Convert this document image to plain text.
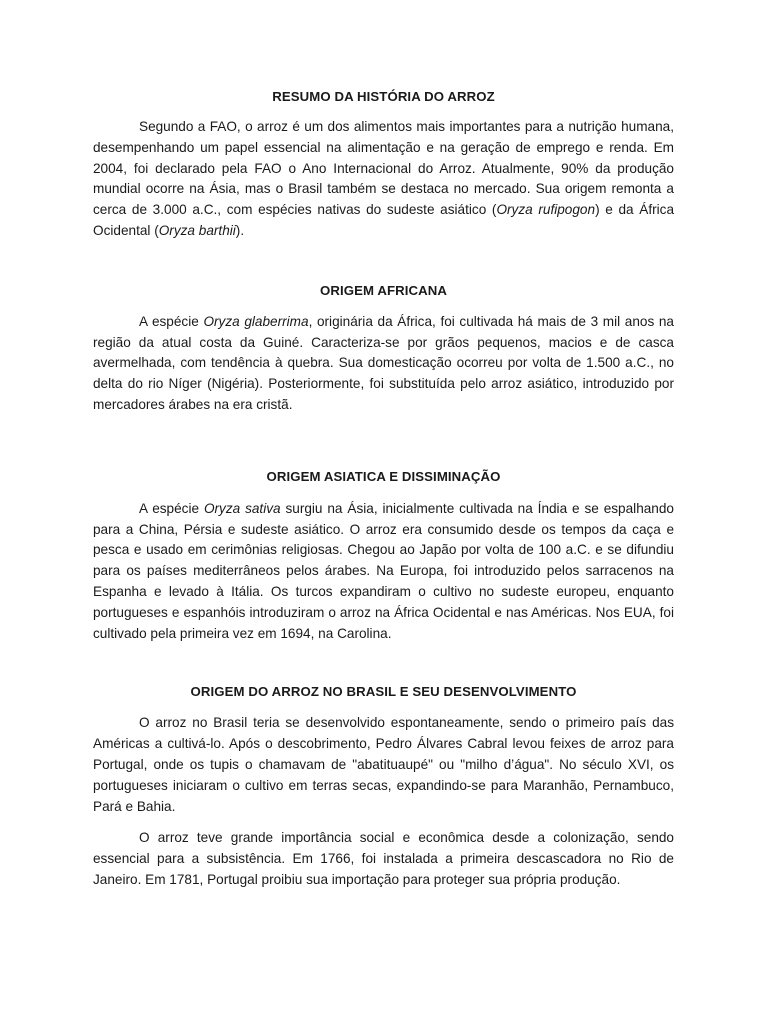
RESUMO DA HISTÓRIA DO ARROZ

Segundo a FAO, o arroz é um dos alimentos mais importantes para a nutrição humana, desempenhando um papel essencial na alimentação e na geração de emprego e renda. Em 2004, foi declarado pela FAO o Ano Internacional do Arroz. Atualmente, 90% da produção mundial ocorre na Ásia, mas o Brasil também se destaca no mercado. Sua origem remonta a cerca de 3.000 a.C., com espécies nativas do sudeste asiático (Oryza rufipogon) e da África Ocidental (Oryza barthii).

ORIGEM AFRICANA

A espécie Oryza glaberrima, originária da África, foi cultivada há mais de 3 mil anos na região da atual costa da Guiné. Caracteriza-se por grãos pequenos, macios e de casca avermelhada, com tendência à quebra. Sua domesticação ocorreu por volta de 1.500 a.C., no delta do rio Níger (Nigéria). Posteriormente, foi substituída pelo arroz asiático, introduzido por mercadores árabes na era cristã.

ORIGEM ASIATICA E DISSIMINAÇÃO

A espécie Oryza sativa surgiu na Ásia, inicialmente cultivada na Índia e se espalhando para a China, Pérsia e sudeste asiático. O arroz era consumido desde os tempos da caça e pesca e usado em cerimônias religiosas. Chegou ao Japão por volta de 100 a.C. e se difundiu para os países mediterrâneos pelos árabes. Na Europa, foi introduzido pelos sarracenos na Espanha e levado à Itália. Os turcos expandiram o cultivo no sudeste europeu, enquanto portugueses e espanhóis introduziram o arroz na África Ocidental e nas Américas. Nos EUA, foi cultivado pela primeira vez em 1694, na Carolina.

ORIGEM DO ARROZ NO BRASIL E SEU DESENVOLVIMENTO

O arroz no Brasil teria se desenvolvido espontaneamente, sendo o primeiro país das Américas a cultivá-lo. Após o descobrimento, Pedro Álvares Cabral levou feixes de arroz para Portugal, onde os tupis o chamavam de "abatituaupé" ou "milho d’água". No século XVI, os portugueses iniciaram o cultivo em terras secas, expandindo-se para Maranhão, Pernambuco, Pará e Bahia.

O arroz teve grande importância social e econômica desde a colonização, sendo essencial para a subsistência. Em 1766, foi instalada a primeira descascadora no Rio de Janeiro. Em 1781, Portugal proibiu sua importação para proteger sua própria produção.
